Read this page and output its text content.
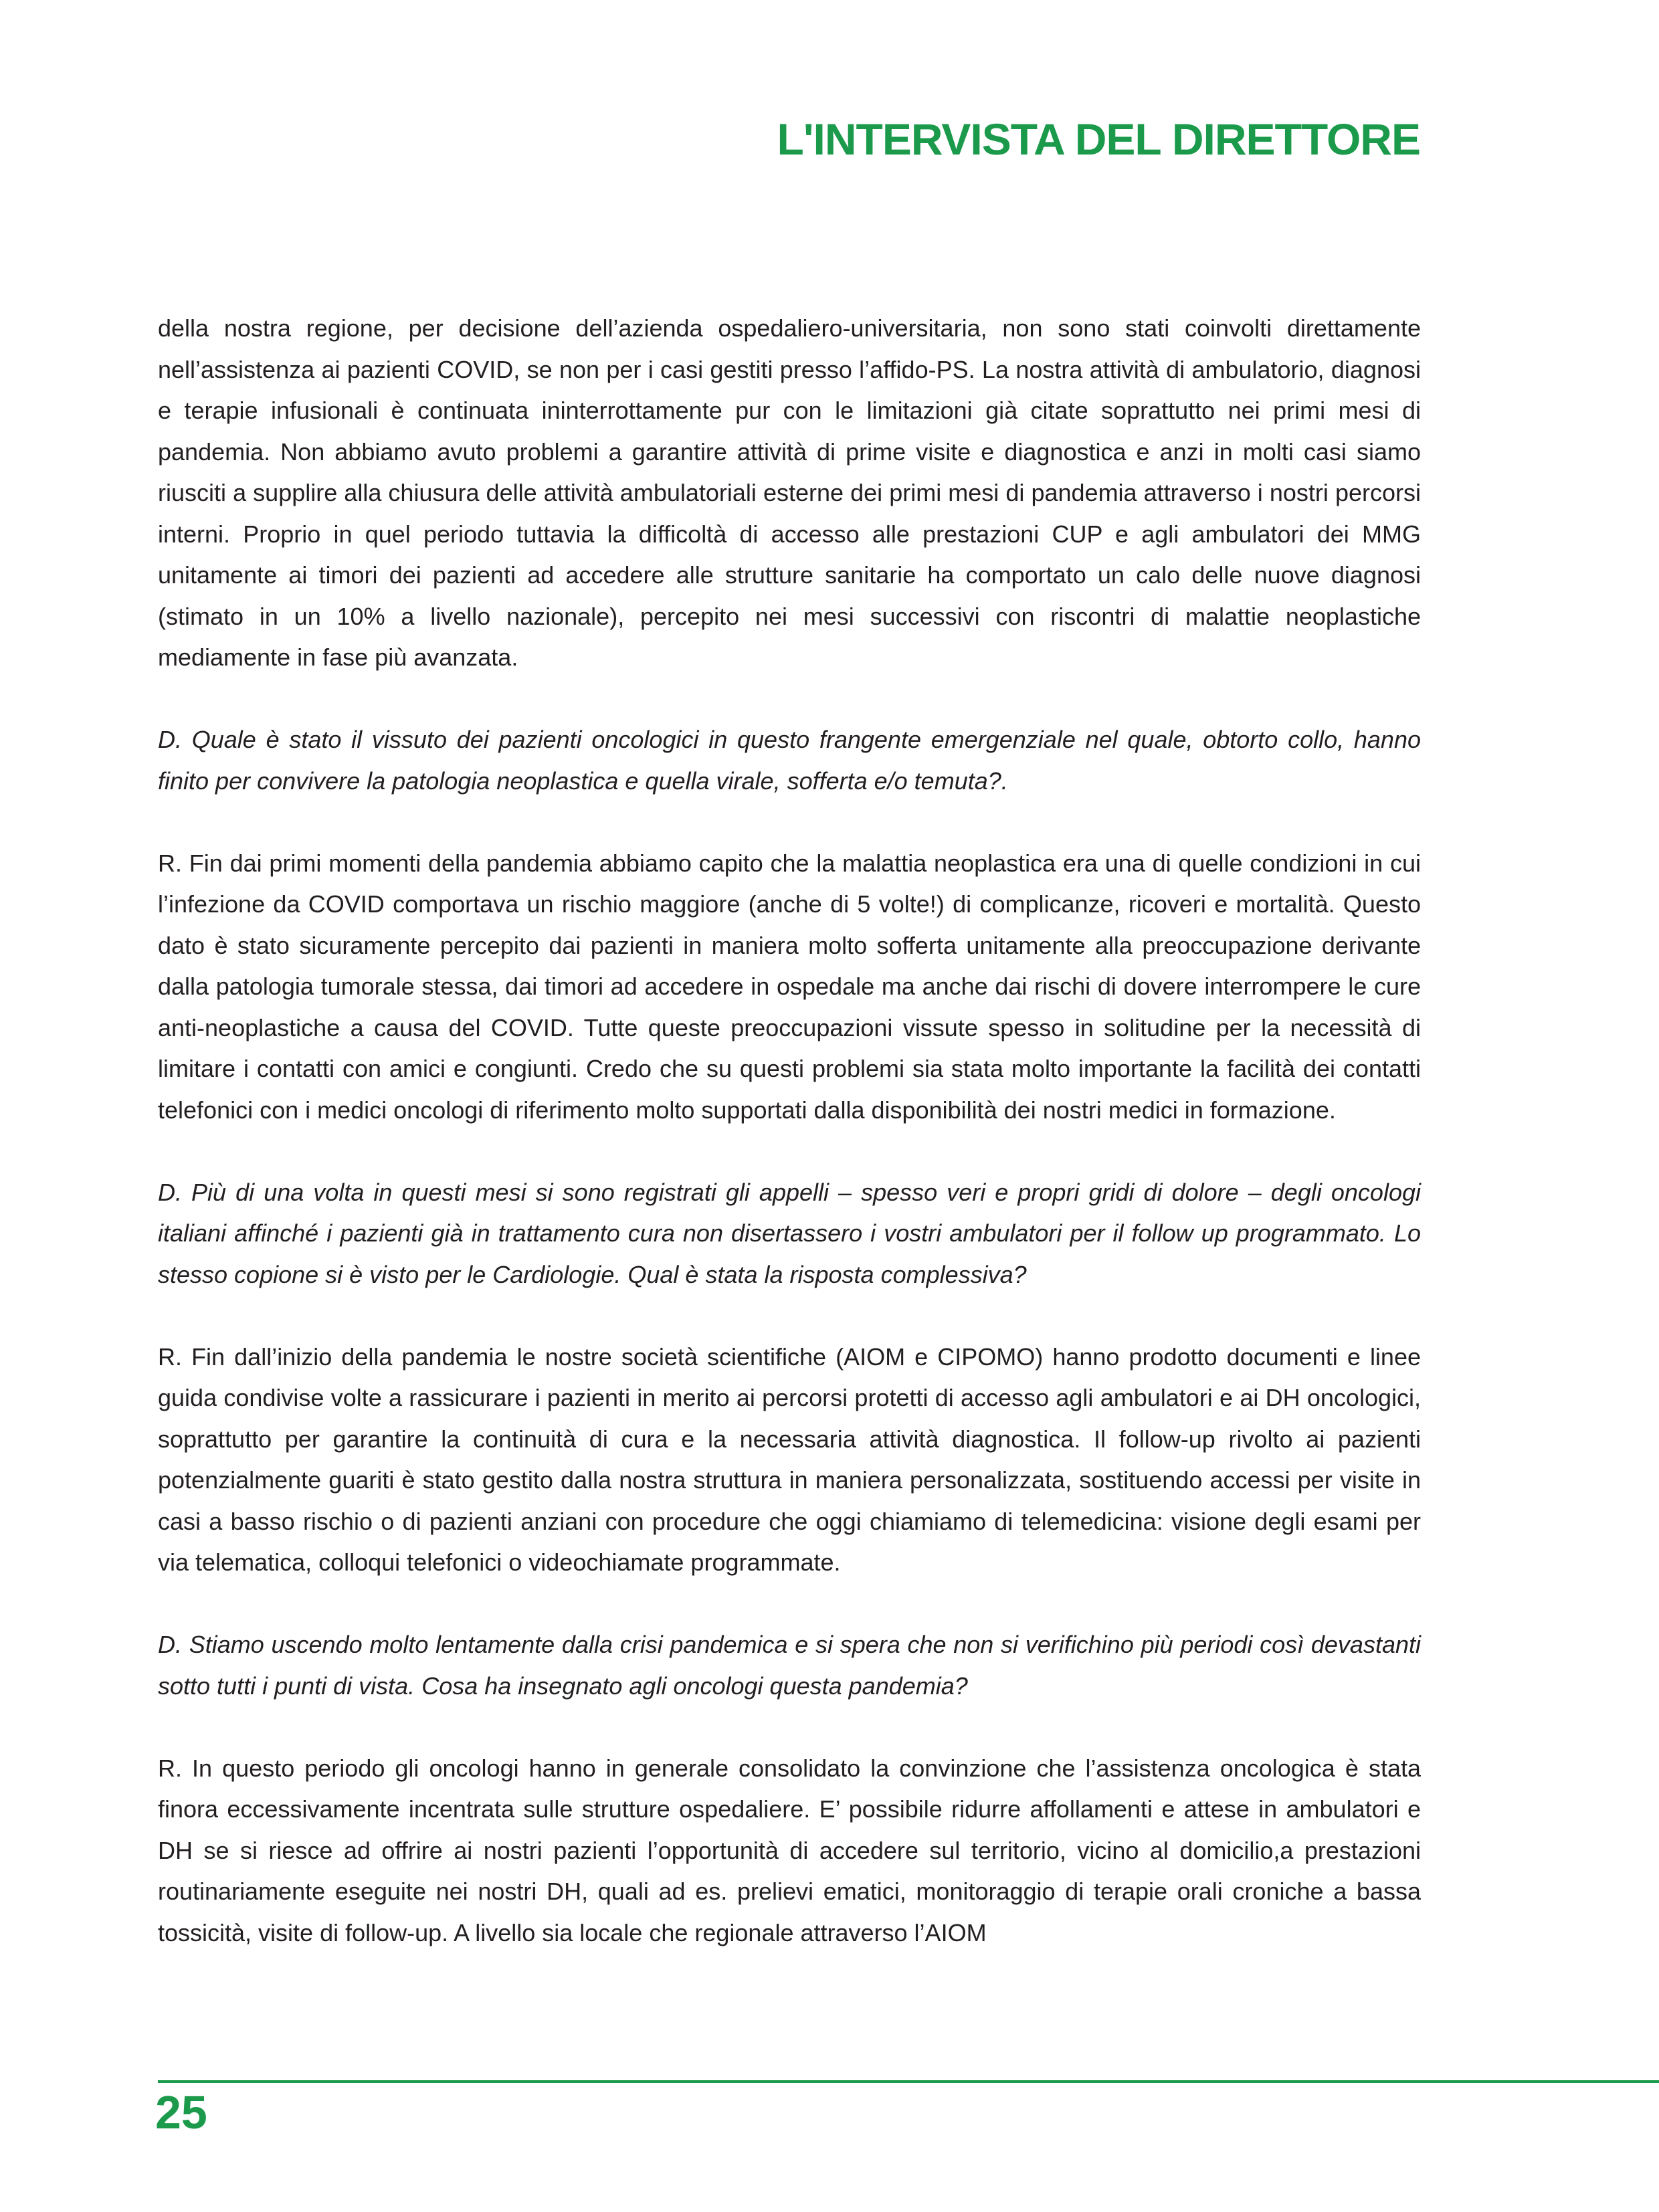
L'INTERVISTA DEL DIRETTORE

della nostra regione, per decisione dell’azienda ospedaliero-universitaria, non sono stati coinvolti direttamente nell’assistenza ai pazienti COVID, se non per i casi gestiti presso l’affido-PS. La nostra attività di ambulatorio, diagnosi e terapie infusionali è continuata ininterrottamente pur con le limitazioni già citate soprattutto nei primi mesi di pandemia. Non abbiamo avuto problemi a garantire attività di prime visite e diagnostica e anzi in molti casi siamo riusciti a supplire alla chiusura delle attività ambulatoriali esterne dei primi mesi di pandemia attraverso i nostri percorsi interni. Proprio in quel periodo tuttavia la difficoltà di accesso alle prestazioni CUP e agli ambulatori dei MMG unitamente ai timori dei pazienti ad accedere alle strutture sanitarie ha comportato un calo delle nuove diagnosi (stimato in un 10% a livello nazionale), percepito nei mesi successivi con riscontri di malattie neoplastiche mediamente in fase più avanzata.

D. Quale è stato il vissuto dei pazienti oncologici in questo frangente emergenziale nel quale, obtorto collo, hanno finito per convivere la patologia neoplastica e quella virale, sofferta e/o temuta?.

R. Fin dai primi momenti della pandemia abbiamo capito che la malattia neoplastica era una di quelle condizioni in cui l’infezione da COVID comportava un rischio maggiore (anche di 5 volte!) di complicanze, ricoveri e mortalità. Questo dato è stato sicuramente percepito dai pazienti in maniera molto sofferta unitamente alla preoccupazione derivante dalla patologia tumorale stessa, dai timori ad accedere in ospedale ma anche dai rischi di dovere interrompere le cure anti-neoplastiche a causa del COVID. Tutte queste preoccupazioni vissute spesso in solitudine per la necessità di limitare i contatti con amici e congiunti. Credo che su questi problemi sia stata molto importante la facilità dei contatti telefonici con i medici oncologi di riferimento molto supportati dalla disponibilità dei nostri medici in formazione.

D. Più di una volta in questi mesi si sono registrati gli appelli – spesso veri e propri gridi di dolore – degli oncologi italiani affinché i pazienti già in trattamento cura non disertassero i vostri ambulatori per il follow up programmato. Lo stesso copione si è visto per le Cardiologie. Qual è stata la risposta complessiva?

R. Fin dall’inizio della pandemia le nostre società scientifiche (AIOM e CIPOMO) hanno prodotto documenti e linee guida condivise volte a rassicurare i pazienti in merito ai percorsi protetti di accesso agli ambulatori e ai DH oncologici, soprattutto per garantire la continuità di cura e la necessaria attività diagnostica. Il follow-up rivolto ai pazienti potenzialmente guariti è stato gestito dalla nostra struttura in maniera personalizzata, sostituendo accessi per visite in casi a basso rischio o di pazienti anziani con procedure che oggi chiamiamo di telemedicina: visione degli esami per via telematica, colloqui telefonici o videochiamate programmate.

D. Stiamo uscendo molto lentamente dalla crisi pandemica e si spera che non si verifichino più periodi così devastanti sotto tutti i punti di vista. Cosa ha insegnato agli oncologi questa pandemia?

R. In questo periodo gli oncologi hanno in generale consolidato la convinzione che l’assistenza oncologica è stata finora eccessivamente incentrata sulle strutture ospedaliere. E’ possibile ridurre affollamenti e attese in ambulatori e DH se si riesce ad offrire ai nostri pazienti l’opportunità di accedere sul territorio, vicino al domicilio,a prestazioni routinariamente eseguite nei nostri DH, quali ad es. prelievi ematici, monitoraggio di terapie orali croniche a bassa tossicità, visite di follow-up. A livello sia locale che regionale attraverso l’AIOM

25
